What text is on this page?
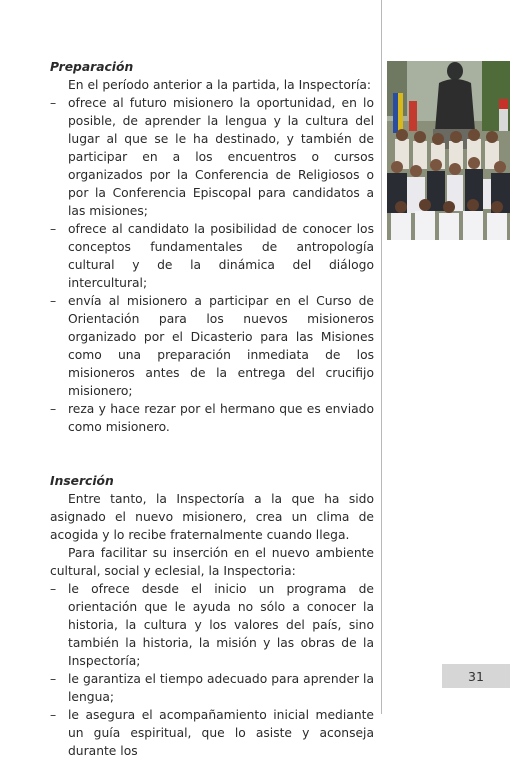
Preparación

En el período anterior a la partida, la Inspectoría:

– ofrece al futuro misionero la oportunidad, en lo posible, de aprender la lengua y la cultura del lugar al que se le ha destinado, y también de participar en a los encuentros o cursos organizados por la Conferencia de Religiosos o por la Conferencia Episcopal para candidatos a las misiones;
– ofrece al candidato la posibilidad de conocer los conceptos fundamentales de antropología cultural y de la dinámica del diálogo intercultural;
– envía al misionero a participar en el Curso de Orientación para los nuevos misioneros organizado por el Dicasterio para las Misiones como una preparación inmediata de los misioneros antes de la entrega del crucifijo misionero;
– reza y hace rezar por el hermano que es enviado como misionero.

Inserción

Entre tanto, la Inspectoría a la que ha sido asignado el nuevo misionero, crea un clima de acogida y lo recibe fraternalmente cuando llega.

Para facilitar su inserción en el nuevo ambiente cultural, social y eclesial, la Inspectoria:

– le ofrece desde el inicio un programa de orientación que le ayuda no sólo a conocer la historia, la cultura y los valores del país, sino también la historia, la misión y las obras de la Inspectoría;
– le garantiza el tiempo adecuado para aprender la lengua;
– le asegura el acompañamiento inicial mediante un guía espiritual, que lo asiste y aconseja durante los
31
